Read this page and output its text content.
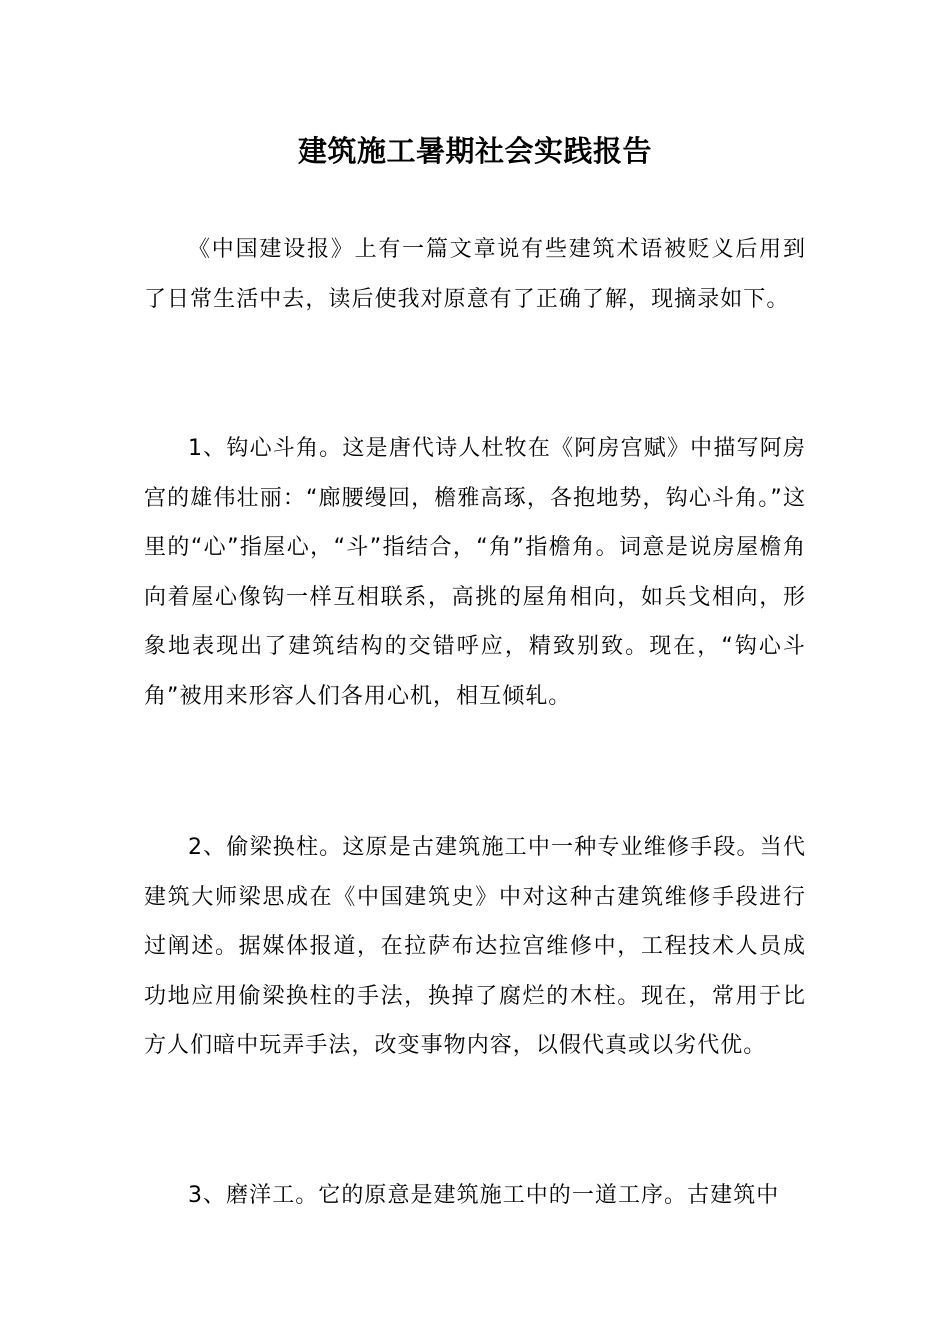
建筑施工暑期社会实践报告

《中国建设报》上有一篇文章说有些建筑术语被贬义后用到了日常生活中去，读后使我对原意有了正确了解，现摘录如下。

1、钩心斗角。这是唐代诗人杜牧在《阿房宫赋》中描写阿房宫的雄伟壮丽：“廊腰缦回，檐雅高琢，各抱地势，钩心斗角。”这里的“心”指屋心，“斗”指结合，“角”指檐角。词意是说房屋檐角向着屋心像钩一样互相联系，高挑的屋角相向，如兵戈相向，形象地表现出了建筑结构的交错呼应，精致别致。现在，“钩心斗角”被用来形容人们各用心机，相互倾轧。

2、偷梁换柱。这原是古建筑施工中一种专业维修手段。当代建筑大师梁思成在《中国建筑史》中对这种古建筑维修手段进行过阐述。据媒体报道，在拉萨布达拉宫维修中，工程技术人员成功地应用偷梁换柱的手法，换掉了腐烂的木柱。现在，常用于比方人们暗中玩弄手法，改变事物内容，以假代真或以劣代优。

3、磨洋工。它的原意是建筑施工中的一道工序。古建筑中
